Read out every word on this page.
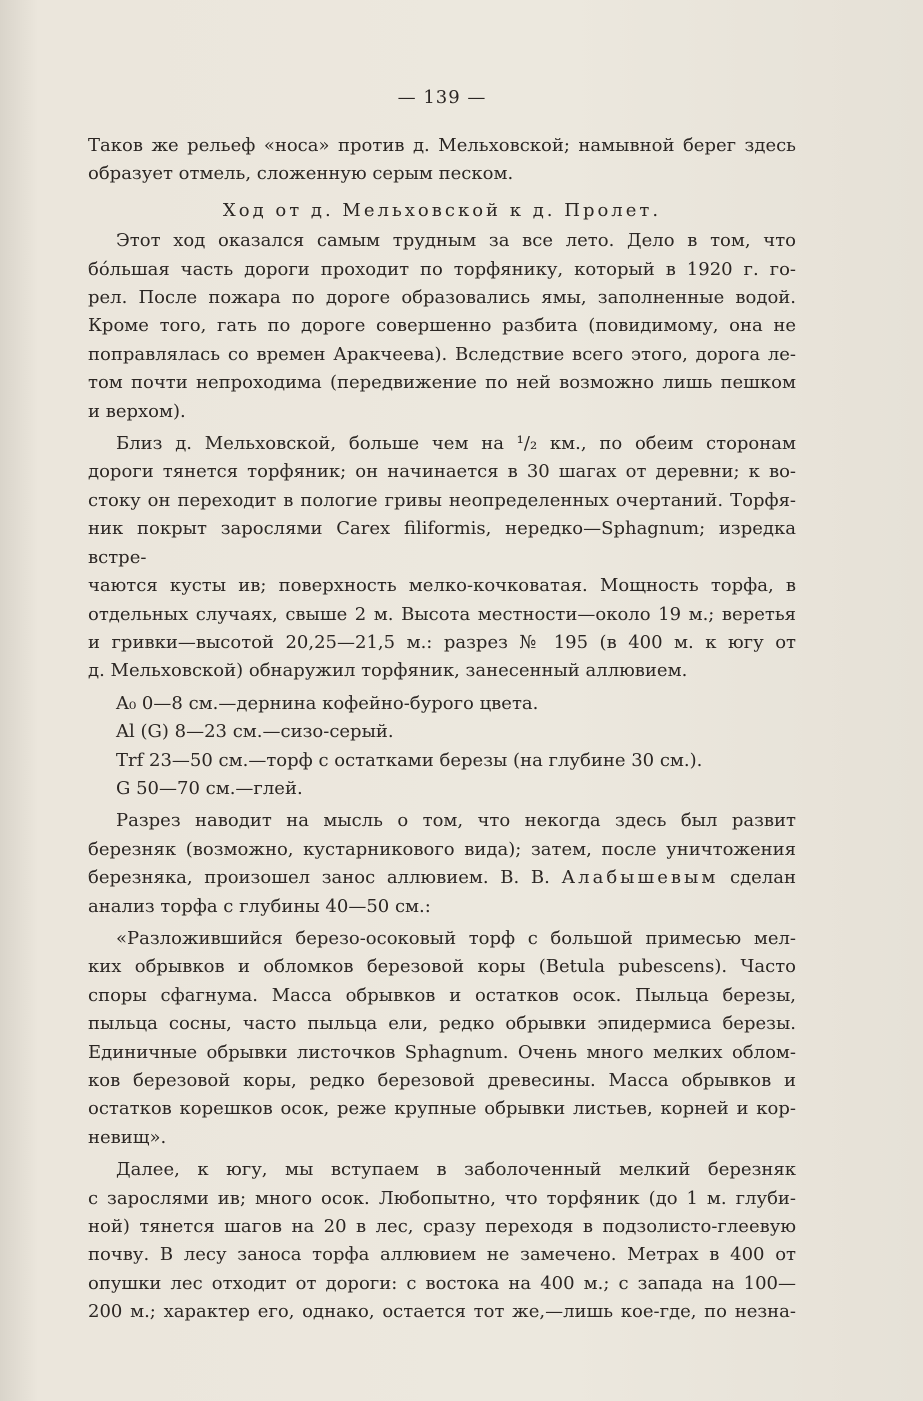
— 139 —

Таков же рельеф «носа» против д. Мельховской; намывной берег здесь

образует отмель, сложенную серым песком.

Ход от д. Мельховской к д. Пролет.

Этот ход оказался самым трудным за все лето. Дело в том, что

бо́льшая часть дороги проходит по торфянику, который в 1920 г. го-

рел. После пожара по дороге образовались ямы, заполненные водой.

Кроме того, гать по дороге совершенно разбита (повидимому, она не

поправлялась со времен Аракчеева). Вследствие всего этого, дорога ле-

том почти непроходима (передвижение по ней возможно лишь пешком

и верхом).

Близ д. Мельховской, больше чем на ¹/₂ км., по обеим сторонам

дороги тянется торфяник; он начинается в 30 шагах от деревни; к во-

стоку он переходит в пологие гривы неопределенных очертаний. Торфя-

ник покрыт зарослями Carex filiformis, нередко—Sphagnum; изредка встре-

чаются кусты ив; поверхность мелко-кочковатая. Мощность торфа, в

отдельных случаях, свыше 2 м. Высота местности—около 19 м.; веретья

и гривки—высотой 20,25—21,5 м.: разрез № 195 (в 400 м. к югу от

д. Мельховской) обнаружил торфяник, занесенный аллювием.

A₀ 0—8 см.—дернина кофейно-бурого цвета.

Al (G) 8—23 см.—сизо-серый.

Trf 23—50 см.—торф с остатками березы (на глубине 30 см.).

G 50—70 см.—глей.

Разрез наводит на мысль о том, что некогда здесь был развит

березняк (возможно, кустарникового вида); затем, после уничтожения

березняка, произошел занос аллювием. В. В. Алабышевым сделан

анализ торфа с глубины 40—50 см.:

«Разложившийся березо-осоковый торф с большой примесью мел-

ких обрывков и обломков березовой коры (Betula pubescens). Часто

споры сфагнума. Масса обрывков и остатков осок. Пыльца березы,

пыльца сосны, часто пыльца ели, редко обрывки эпидермиса березы.

Единичные обрывки листочков Sphagnum. Очень много мелких облом-

ков березовой коры, редко березовой древесины. Масса обрывков и

остатков корешков осок, реже крупные обрывки листьев, корней и кор-

невищ».

Далее, к югу, мы вступаем в заболоченный мелкий березняк

с зарослями ив; много осок. Любопытно, что торфяник (до 1 м. глуби-

ной) тянется шагов на 20 в лес, сразу переходя в подзолисто-глеевую

почву. В лесу заноса торфа аллювием не замечено. Метрах в 400 от

опушки лес отходит от дороги: с востока на 400 м.; с запада на 100—

200 м.; характер его, однако, остается тот же,—лишь кое-где, по незна-
